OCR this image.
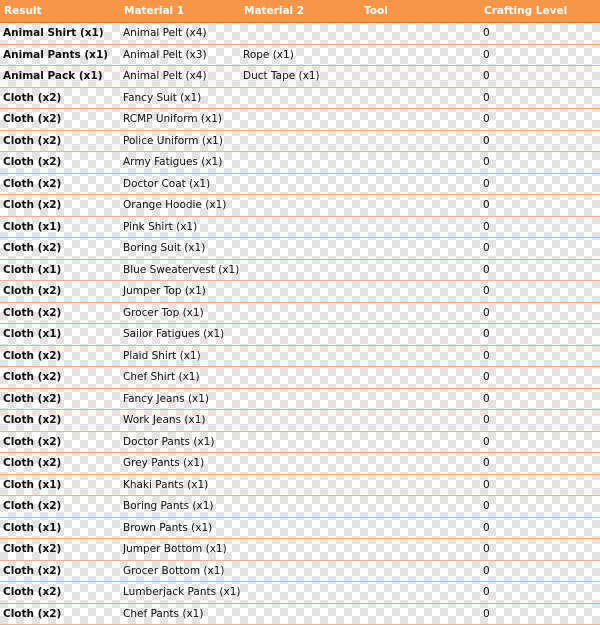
Result	Material 1	Material 2	Tool	Crafting Level
Animal Shirt (x1)	Animal Pelt (x4)			0
Animal Pants (x1)	Animal Pelt (x3)	Rope (x1)		0
Animal Pack (x1)	Animal Pelt (x4)	Duct Tape (x1)		0
Cloth (x2)	Fancy Suit (x1)			0
Cloth (x2)	RCMP Uniform (x1)			0
Cloth (x2)	Police Uniform (x1)			0
Cloth (x2)	Army Fatigues (x1)			0
Cloth (x2)	Doctor Coat (x1)			0
Cloth (x2)	Orange Hoodie (x1)			0
Cloth (x1)	Pink Shirt (x1)			0
Cloth (x2)	Boring Suit (x1)			0
Cloth (x1)	Blue Sweatervest (x1)			0
Cloth (x2)	Jumper Top (x1)			0
Cloth (x2)	Grocer Top (x1)			0
Cloth (x1)	Sailor Fatigues (x1)			0
Cloth (x2)	Plaid Shirt (x1)			0
Cloth (x2)	Chef Shirt (x1)			0
Cloth (x2)	Fancy Jeans (x1)			0
Cloth (x2)	Work Jeans (x1)			0
Cloth (x2)	Doctor Pants (x1)			0
Cloth (x2)	Grey Pants (x1)			0
Cloth (x1)	Khaki Pants (x1)			0
Cloth (x2)	Boring Pants (x1)			0
Cloth (x1)	Brown Pants (x1)			0
Cloth (x2)	Jumper Bottom (x1)			0
Cloth (x2)	Grocer Bottom (x1)			0
Cloth (x2)	Lumberjack Pants (x1)			0
Cloth (x2)	Chef Pants (x1)			0
